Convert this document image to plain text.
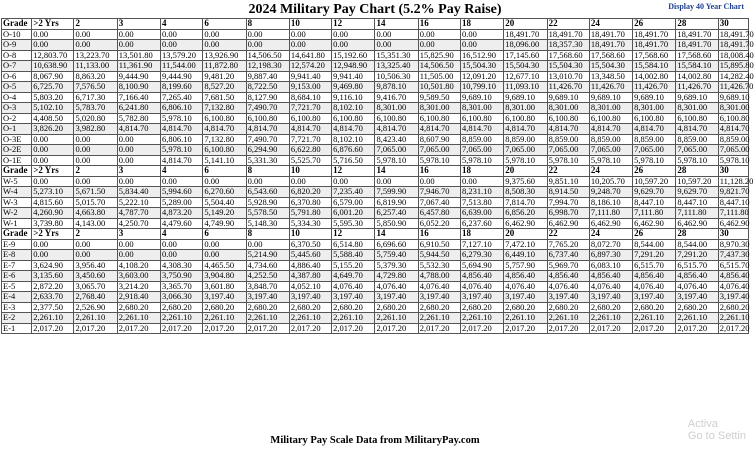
2024 Military Pay Chart (5.2% Pay Raise)	Display 40 Year Chart
Grade	>2 Yrs	2	3	4	6	8	10	12	14	16	18	20	22	24	26	28	30
O-10	0.00	0.00	0.00	0.00	0.00	0.00	0.00	0.00	0.00	0.00	0.00	18,491.70	18,491.70	18,491.70	18,491.70	18,491.70	18,491.70
O-9	0.00	0.00	0.00	0.00	0.00	0.00	0.00	0.00	0.00	0.00	0.00	18,096.00	18,357.30	18,491.70	18,491.70	18,491.70	18,491.70
O-8	12,803.70	13,223.70	13,501.80	13,579.20	13,926.90	14,506.50	14,641.80	15,192.60	15,351.30	15,825.90	16,512.90	17,145.60	17,568.60	17,568.60	17,568.60	17,568.60	18,008.40
O-7	10,638.90	11,133.00	11,361.90	11,544.00	11,872.80	12,198.30	12,574.20	12,948.90	13,325.40	14,506.50	15,504.30	15,504.30	15,504.30	15,504.30	15,584.10	15,584.10	15,895.80
O-6	8,067.90	8,863.20	9,444.90	9,444.90	9,481.20	9,887.40	9,941.40	9,941.40	10,506.30	11,505.00	12,091.20	12,677.10	13,010.70	13,348.50	14,002.80	14,002.80	14,282.40
O-5	6,725.70	7,576.50	8,100.90	8,199.60	8,527.20	8,722.50	9,153.00	9,469.80	9,878.10	10,501.80	10,799.10	11,093.10	11,426.70	11,426.70	11,426.70	11,426.70	11,426.70
O-4	5,803.20	6,717.30	7,166.40	7,265.40	7,681.50	8,127.90	8,684.10	9,116.10	9,416.70	9,589.50	9,689.10	9,689.10	9,689.10	9,689.10	9,689.10	9,689.10	9,689.10
O-3	5,102.10	5,783.70	6,241.80	6,806.10	7,132.80	7,490.70	7,721.70	8,102.10	8,301.00	8,301.00	8,301.00	8,301.00	8,301.00	8,301.00	8,301.00	8,301.00	8,301.00
O-2	4,408.50	5,020.80	5,782.80	5,978.10	6,100.80	6,100.80	6,100.80	6,100.80	6,100.80	6,100.80	6,100.80	6,100.80	6,100.80	6,100.80	6,100.80	6,100.80	6,100.80
O-1	3,826.20	3,982.80	4,814.70	4,814.70	4,814.70	4,814.70	4,814.70	4,814.70	4,814.70	4,814.70	4,814.70	4,814.70	4,814.70	4,814.70	4,814.70	4,814.70	4,814.70
O-3E	0.00	0.00	0.00	6,806.10	7,132.80	7,490.70	7,721.70	8,102.10	8,423.40	8,607.90	8,859.00	8,859.00	8,859.00	8,859.00	8,859.00	8,859.00	8,859.00
O-2E	0.00	0.00	0.00	5,978.10	6,100.80	6,294.90	6,622.80	6,876.60	7,065.00	7,065.00	7,065.00	7,065.00	7,065.00	7,065.00	7,065.00	7,065.00	7,065.00
O-1E	0.00	0.00	0.00	4,814.70	5,141.10	5,331.30	5,525.70	5,716.50	5,978.10	5,978.10	5,978.10	5,978.10	5,978.10	5,978.10	5,978.10	5,978.10	5,978.10
Grade	>2 Yrs	2	3	4	6	8	10	12	14	16	18	20	22	24	26	28	30
W-5	0.00	0.00	0.00	0.00	0.00	0.00	0.00	0.00	0.00	0.00	0.00	9,375.60	9,851.10	10,205.70	10,597.20	10,597.20	11,128.20
W-4	5,273.10	5,671.50	5,834.40	5,994.60	6,270.60	6,543.60	6,820.20	7,235.40	7,599.90	7,946.70	8,231.10	8,508.30	8,914.50	9,248.70	9,629.70	9,629.70	9,821.70
W-3	4,815.60	5,015.70	5,222.10	5,289.00	5,504.40	5,928.90	6,370.80	6,579.00	6,819.90	7,067.40	7,513.80	7,814.70	7,994.70	8,186.10	8,447.10	8,447.10	8,447.10
W-2	4,260.90	4,663.80	4,787.70	4,873.20	5,149.20	5,578.50	5,791.80	6,001.20	6,257.40	6,457.80	6,639.00	6,856.20	6,998.70	7,111.80	7,111.80	7,111.80	7,111.80
W-1	3,739.80	4,143.00	4,250.70	4,479.60	4,749.90	5,148.30	5,334.30	5,595.30	5,850.90	6,052.20	6,237.60	6,462.90	6,462.90	6,462.90	6,462.90	6,462.90	6,462.90
Grade	>2 Yrs	2	3	4	6	8	10	12	14	16	18	20	22	24	26	28	30
E-9	0.00	0.00	0.00	0.00	0.00	0.00	6,370.50	6,514.80	6,696.60	6,910.50	7,127.10	7,472.10	7,765.20	8,072.70	8,544.00	8,544.00	8,970.30
E-8	0.00	0.00	0.00	0.00	0.00	5,214.90	5,445.60	5,588.40	5,759.40	5,944.50	6,279.30	6,449.10	6,737.40	6,897.30	7,291.20	7,291.20	7,437.30
E-7	3,624.90	3,956.40	4,108.20	4,308.30	4,465.50	4,734.60	4,886.40	5,155.20	5,379.30	5,532.30	5,694.90	5,757.90	5,969.70	6,083.10	6,515.70	6,515.70	6,515.70
E-6	3,135.60	3,450.60	3,603.00	3,750.90	3,904.80	4,252.50	4,387.80	4,649.70	4,729.80	4,788.00	4,856.40	4,856.40	4,856.40	4,856.40	4,856.40	4,856.40	4,856.40
E-5	2,872.20	3,065.70	3,214.20	3,365.70	3,601.80	3,848.70	4,052.10	4,076.40	4,076.40	4,076.40	4,076.40	4,076.40	4,076.40	4,076.40	4,076.40	4,076.40	4,076.40
E-4	2,633.70	2,768.40	2,918.40	3,066.30	3,197.40	3,197.40	3,197.40	3,197.40	3,197.40	3,197.40	3,197.40	3,197.40	3,197.40	3,197.40	3,197.40	3,197.40	3,197.40
E-3	2,377.50	2,526.90	2,680.20	2,680.20	2,680.20	2,680.20	2,680.20	2,680.20	2,680.20	2,680.20	2,680.20	2,680.20	2,680.20	2,680.20	2,680.20	2,680.20	2,680.20
E-2	2,261.10	2,261.10	2,261.10	2,261.10	2,261.10	2,261.10	2,261.10	2,261.10	2,261.10	2,261.10	2,261.10	2,261.10	2,261.10	2,261.10	2,261.10	2,261.10	2,261.10
E-1	2,017.20	2,017.20	2,017.20	2,017.20	2,017.20	2,017.20	2,017.20	2,017.20	2,017.20	2,017.20	2,017.20	2,017.20	2,017.20	2,017.20	2,017.20	2,017.20	2,017.20
Military Pay Scale Data from MilitaryPay.com
Activa
Go to Settin
